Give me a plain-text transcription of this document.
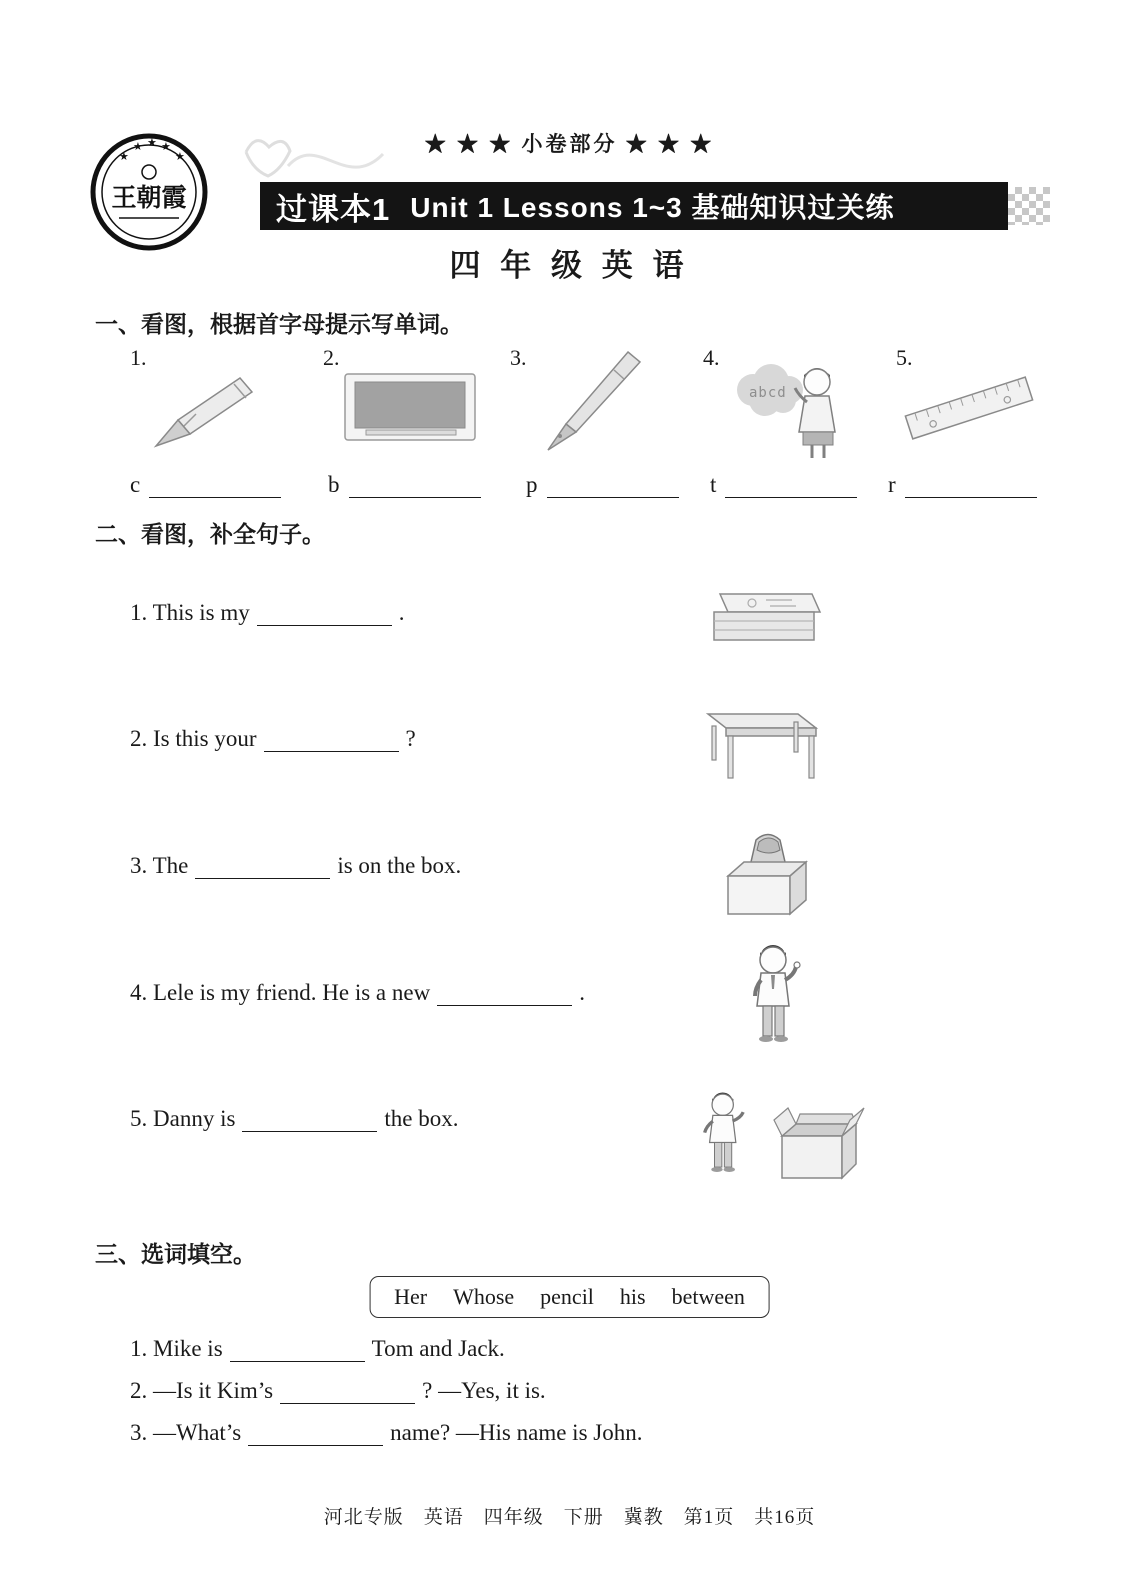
★
★ ★ ★
★
王朝霞
★ ★ ★ 小卷部分 ★ ★ ★
过课本1 Unit 1 Lessons 1~3 基础知识过关练
四 年 级 英 语
一、看图，根据首字母提示写单词。
1.	2.	3.	4.	5.
abcd
c	b	p	t	r
二、看图，补全句子。
1. This is my	.
2. Is this your	?
3. The	is on the box.
4. Lele is my friend. He is a new	.
5. Danny is	the box.
三、选词填空。
Her Whose pencil his between
1. Mike is	Tom and Jack.
2. —Is it Kim’s	? —Yes, it is.
3. —What’s	name? —His name is John.
河北专版　英语　四年级　下册　冀教　第1页　共16页
